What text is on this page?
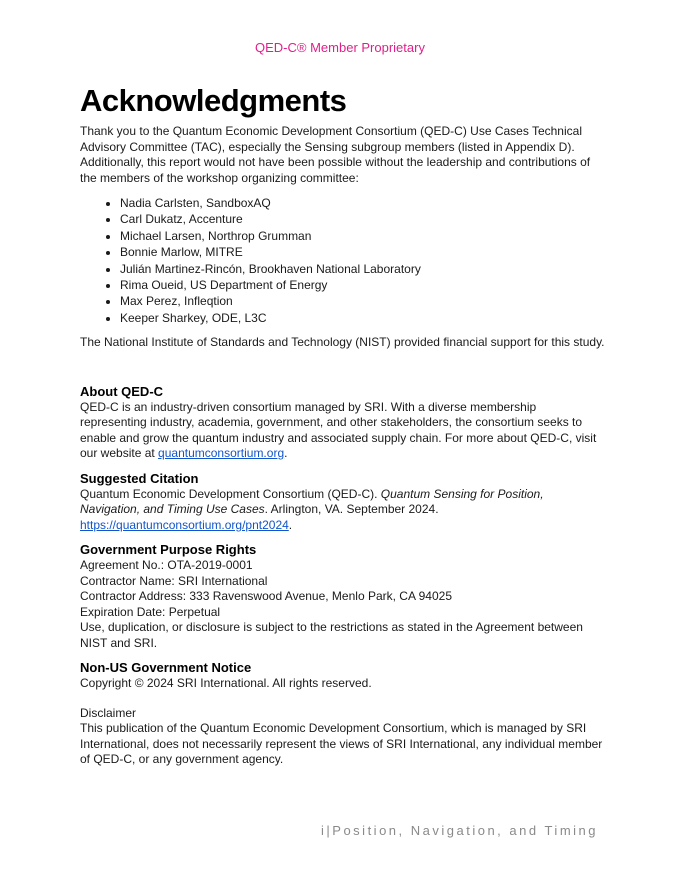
QED-C® Member Proprietary
Acknowledgments

Thank you to the Quantum Economic Development Consortium (QED-C) Use Cases Technical Advisory Committee (TAC), especially the Sensing subgroup members (listed in Appendix D). Additionally, this report would not have been possible without the leadership and contributions of the members of the workshop organizing committee:

• Nadia Carlsten, SandboxAQ
• Carl Dukatz, Accenture
• Michael Larsen, Northrop Grumman
• Bonnie Marlow, MITRE
• Julián Martinez-Rincón, Brookhaven National Laboratory
• Rima Oueid, US Department of Energy
• Max Perez, Infleqtion
• Keeper Sharkey, ODE, L3C

The National Institute of Standards and Technology (NIST) provided financial support for this study.

About QED-C

QED-C is an industry-driven consortium managed by SRI. With a diverse membership representing industry, academia, government, and other stakeholders, the consortium seeks to enable and grow the quantum industry and associated supply chain. For more about QED-C, visit our website at quantumconsortium.org.

Suggested Citation

Quantum Economic Development Consortium (QED-C). Quantum Sensing for Position, Navigation, and Timing Use Cases. Arlington, VA. September 2024.
https://quantumconsortium.org/pnt2024.

Government Purpose Rights
Agreement No.: OTA-2019-0001
Contractor Name: SRI International
Contractor Address: 333 Ravenswood Avenue, Menlo Park, CA 94025
Expiration Date: Perpetual
Use, duplication, or disclosure is subject to the restrictions as stated in the Agreement between NIST and SRI.
Non-US Government Notice
Copyright © 2024 SRI International. All rights reserved.
Disclaimer

This publication of the Quantum Economic Development Consortium, which is managed by SRI International, does not necessarily represent the views of SRI International, any individual member of QED-C, or any government agency.

i|Position, Navigation, and Timing
